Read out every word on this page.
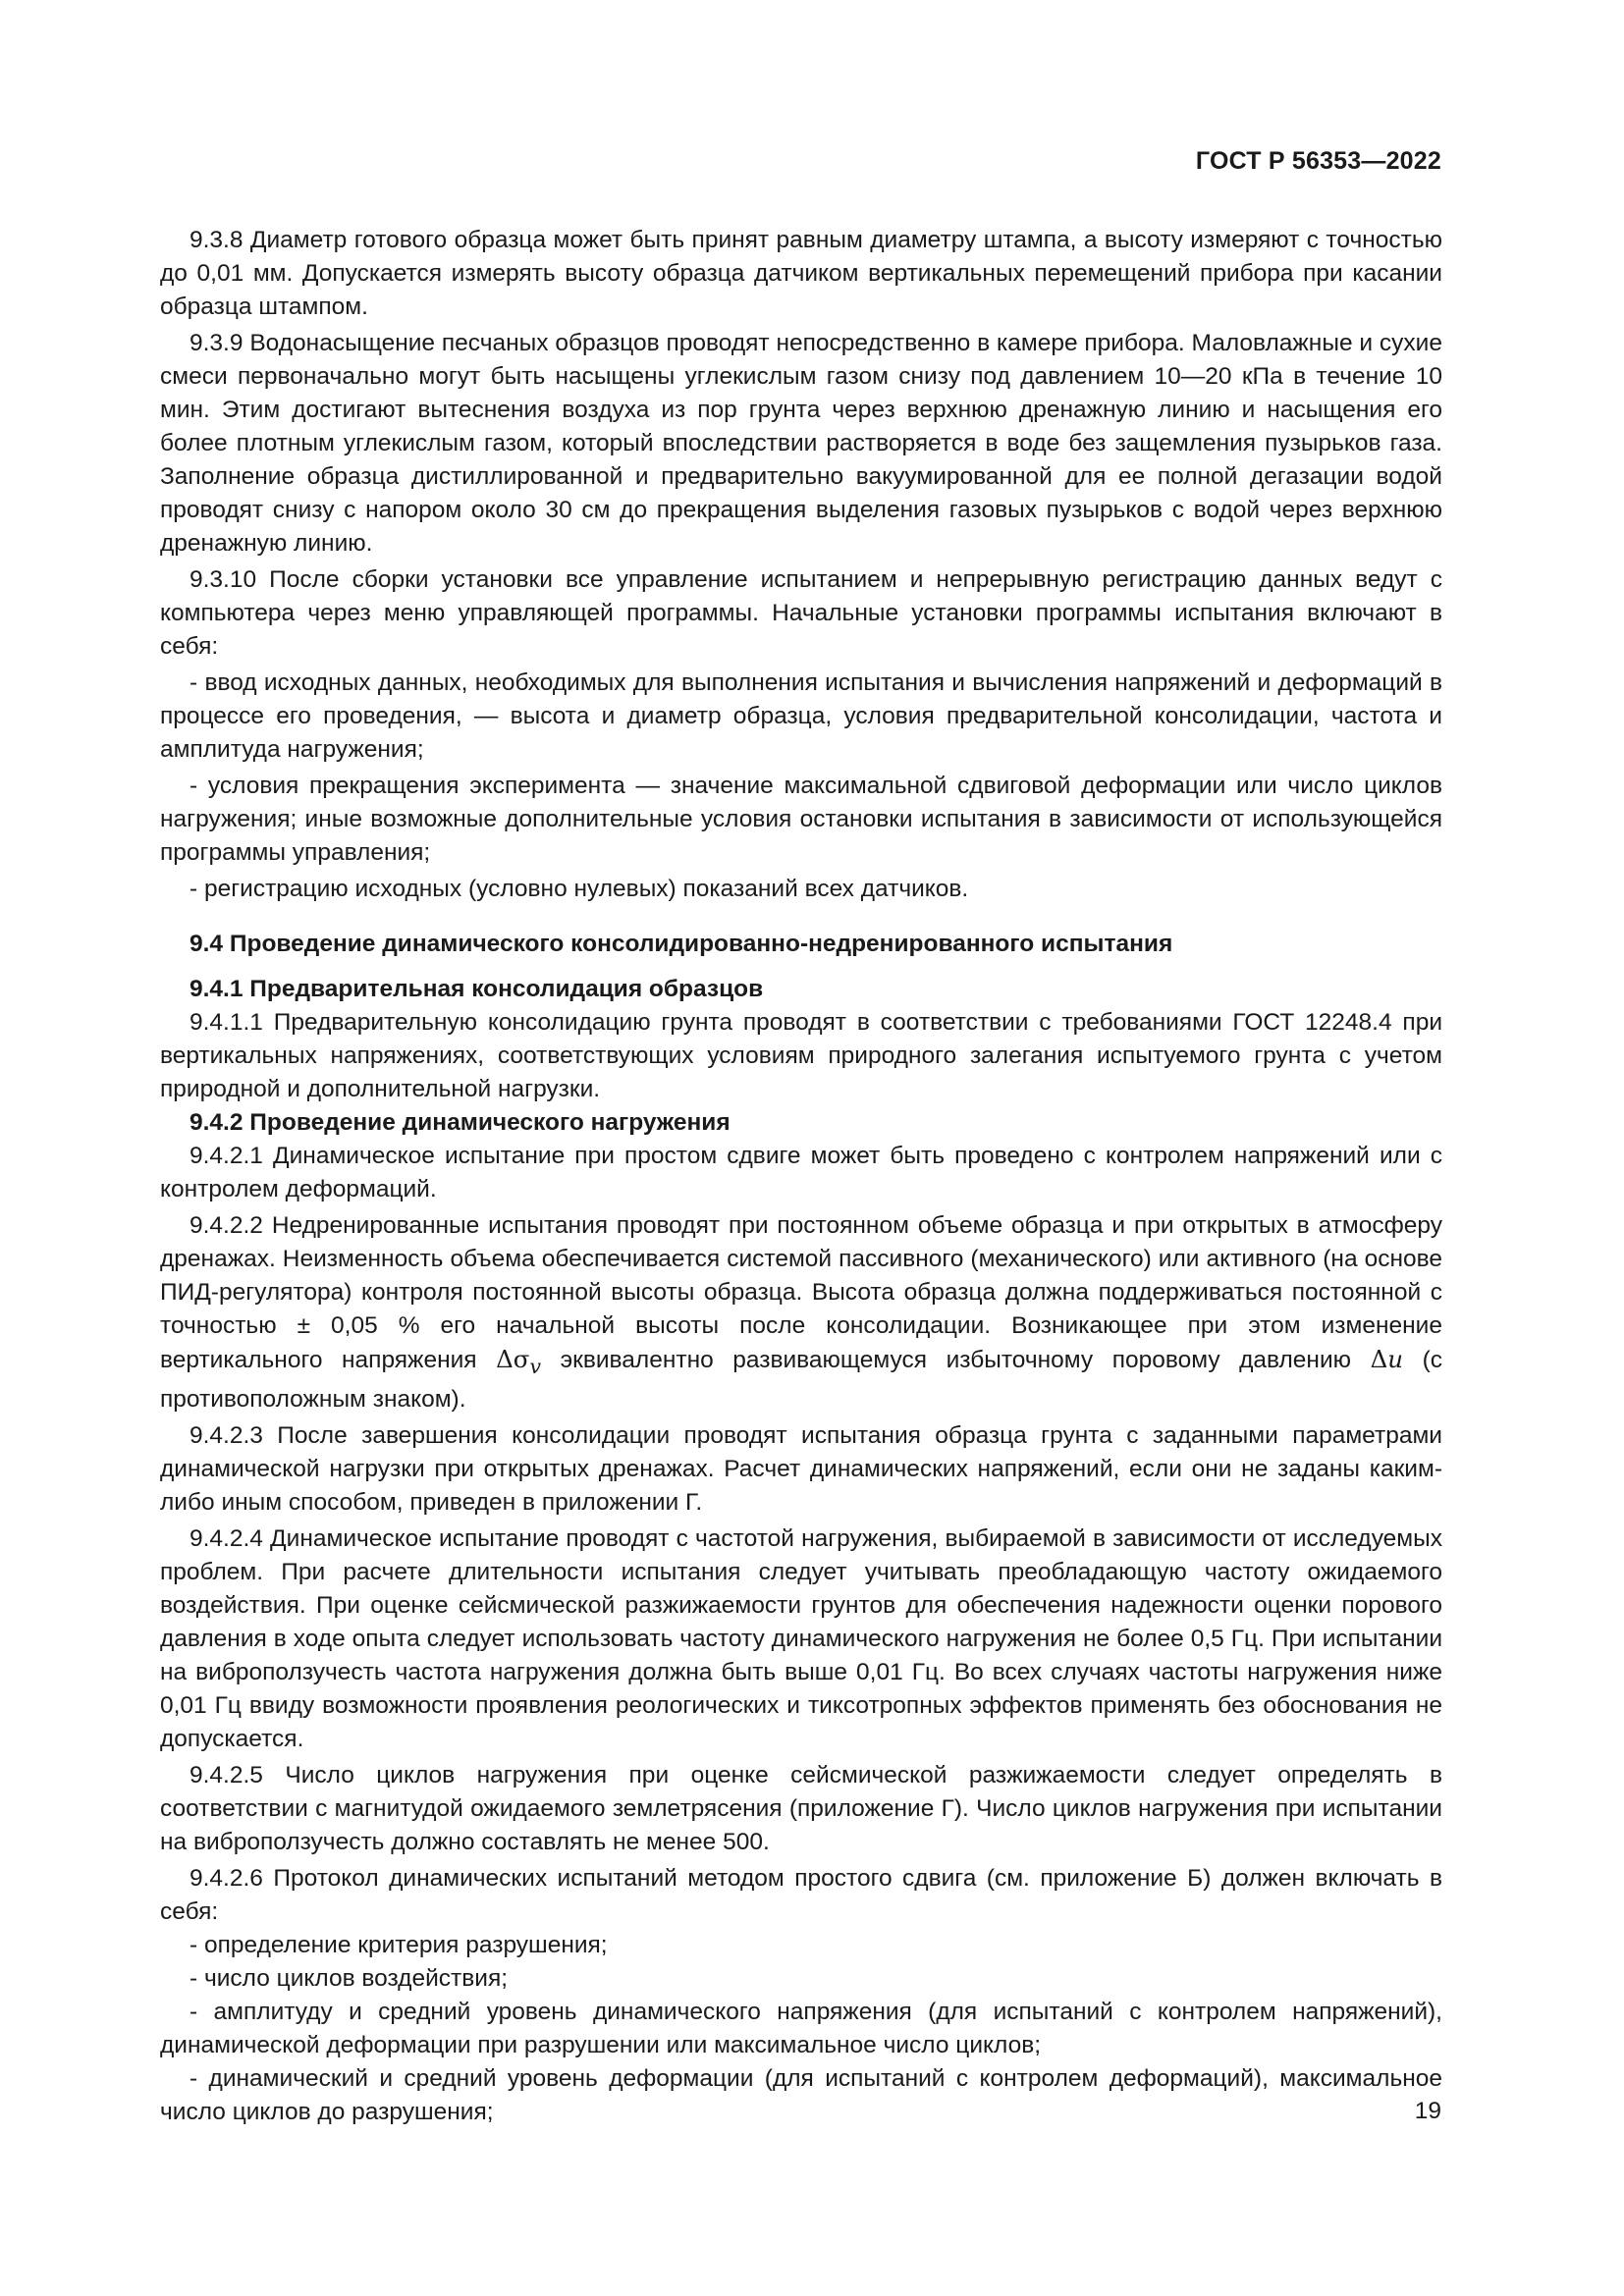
ГОСТ Р 56353—2022

9.3.8 Диаметр готового образца может быть принят равным диаметру штампа, а высоту измеряют с точностью до 0,01 мм. Допускается измерять высоту образца датчиком вертикальных перемещений прибора при касании образца штампом.

9.3.9 Водонасыщение песчаных образцов проводят непосредственно в камере прибора. Маловлажные и сухие смеси первоначально могут быть насыщены углекислым газом снизу под давлением 10—20 кПа в течение 10 мин. Этим достигают вытеснения воздуха из пор грунта через верхнюю дренажную линию и насыщения его более плотным углекислым газом, который впоследствии растворяется в воде без защемления пузырьков газа. Заполнение образца дистиллированной и предварительно вакуумированной для ее полной дегазации водой проводят снизу с напором около 30 см до прекращения выделения газовых пузырьков с водой через верхнюю дренажную линию.

9.3.10 После сборки установки все управление испытанием и непрерывную регистрацию данных ведут с компьютера через меню управляющей программы. Начальные установки программы испытания включают в себя:

- ввод исходных данных, необходимых для выполнения испытания и вычисления напряжений и деформаций в процессе его проведения, — высота и диаметр образца, условия предварительной консолидации, частота и амплитуда нагружения;

- условия прекращения эксперимента — значение максимальной сдвиговой деформации или число циклов нагружения; иные возможные дополнительные условия остановки испытания в зависимости от использующейся программы управления;

- регистрацию исходных (условно нулевых) показаний всех датчиков.

9.4 Проведение динамического консолидированно-недренированного испытания
9.4.1 Предварительная консолидация образцов

9.4.1.1 Предварительную консолидацию грунта проводят в соответствии с требованиями ГОСТ 12248.4 при вертикальных напряжениях, соответствующих условиям природного залегания испытуемого грунта с учетом природной и дополнительной нагрузки.

9.4.2 Проведение динамического нагружения

9.4.2.1 Динамическое испытание при простом сдвиге может быть проведено с контролем напряжений или с контролем деформаций.

9.4.2.2 Недренированные испытания проводят при постоянном объеме образца и при открытых в атмосферу дренажах. Неизменность объема обеспечивается системой пассивного (механического) или активного (на основе ПИД-регулятора) контроля постоянной высоты образца. Высота образца должна поддерживаться постоянной с точностью ± 0,05 % его начальной высоты после консолидации. Возникающее при этом изменение вертикального напряжения $\Delta\sigma_v$ эквивалентно развивающемуся избыточному поровому давлению Δu (с противоположным знаком).

9.4.2.3 После завершения консолидации проводят испытания образца грунта с заданными параметрами динамической нагрузки при открытых дренажах. Расчет динамических напряжений, если они не заданы каким-либо иным способом, приведен в приложении Г.

9.4.2.4 Динамическое испытание проводят с частотой нагружения, выбираемой в зависимости от исследуемых проблем. При расчете длительности испытания следует учитывать преобладающую частоту ожидаемого воздействия. При оценке сейсмической разжижаемости грунтов для обеспечения надежности оценки порового давления в ходе опыта следует использовать частоту динамического нагружения не более 0,5 Гц. При испытании на виброползучесть частота нагружения должна быть выше 0,01 Гц. Во всех случаях частоты нагружения ниже 0,01 Гц ввиду возможности проявления реологических и тиксотропных эффектов применять без обоснования не допускается.

9.4.2.5 Число циклов нагружения при оценке сейсмической разжижаемости следует определять в соответствии с магнитудой ожидаемого землетрясения (приложение Г). Число циклов нагружения при испытании на виброползучесть должно составлять не менее 500.

9.4.2.6 Протокол динамических испытаний методом простого сдвига (см. приложение Б) должен включать в себя:

- определение критерия разрушения;

- число циклов воздействия;

- амплитуду и средний уровень динамического напряжения (для испытаний с контролем напряжений), динамической деформации при разрушении или максимальное число циклов;

- динамический и средний уровень деформации (для испытаний с контролем деформаций), максимальное число циклов до разрушения;	19
